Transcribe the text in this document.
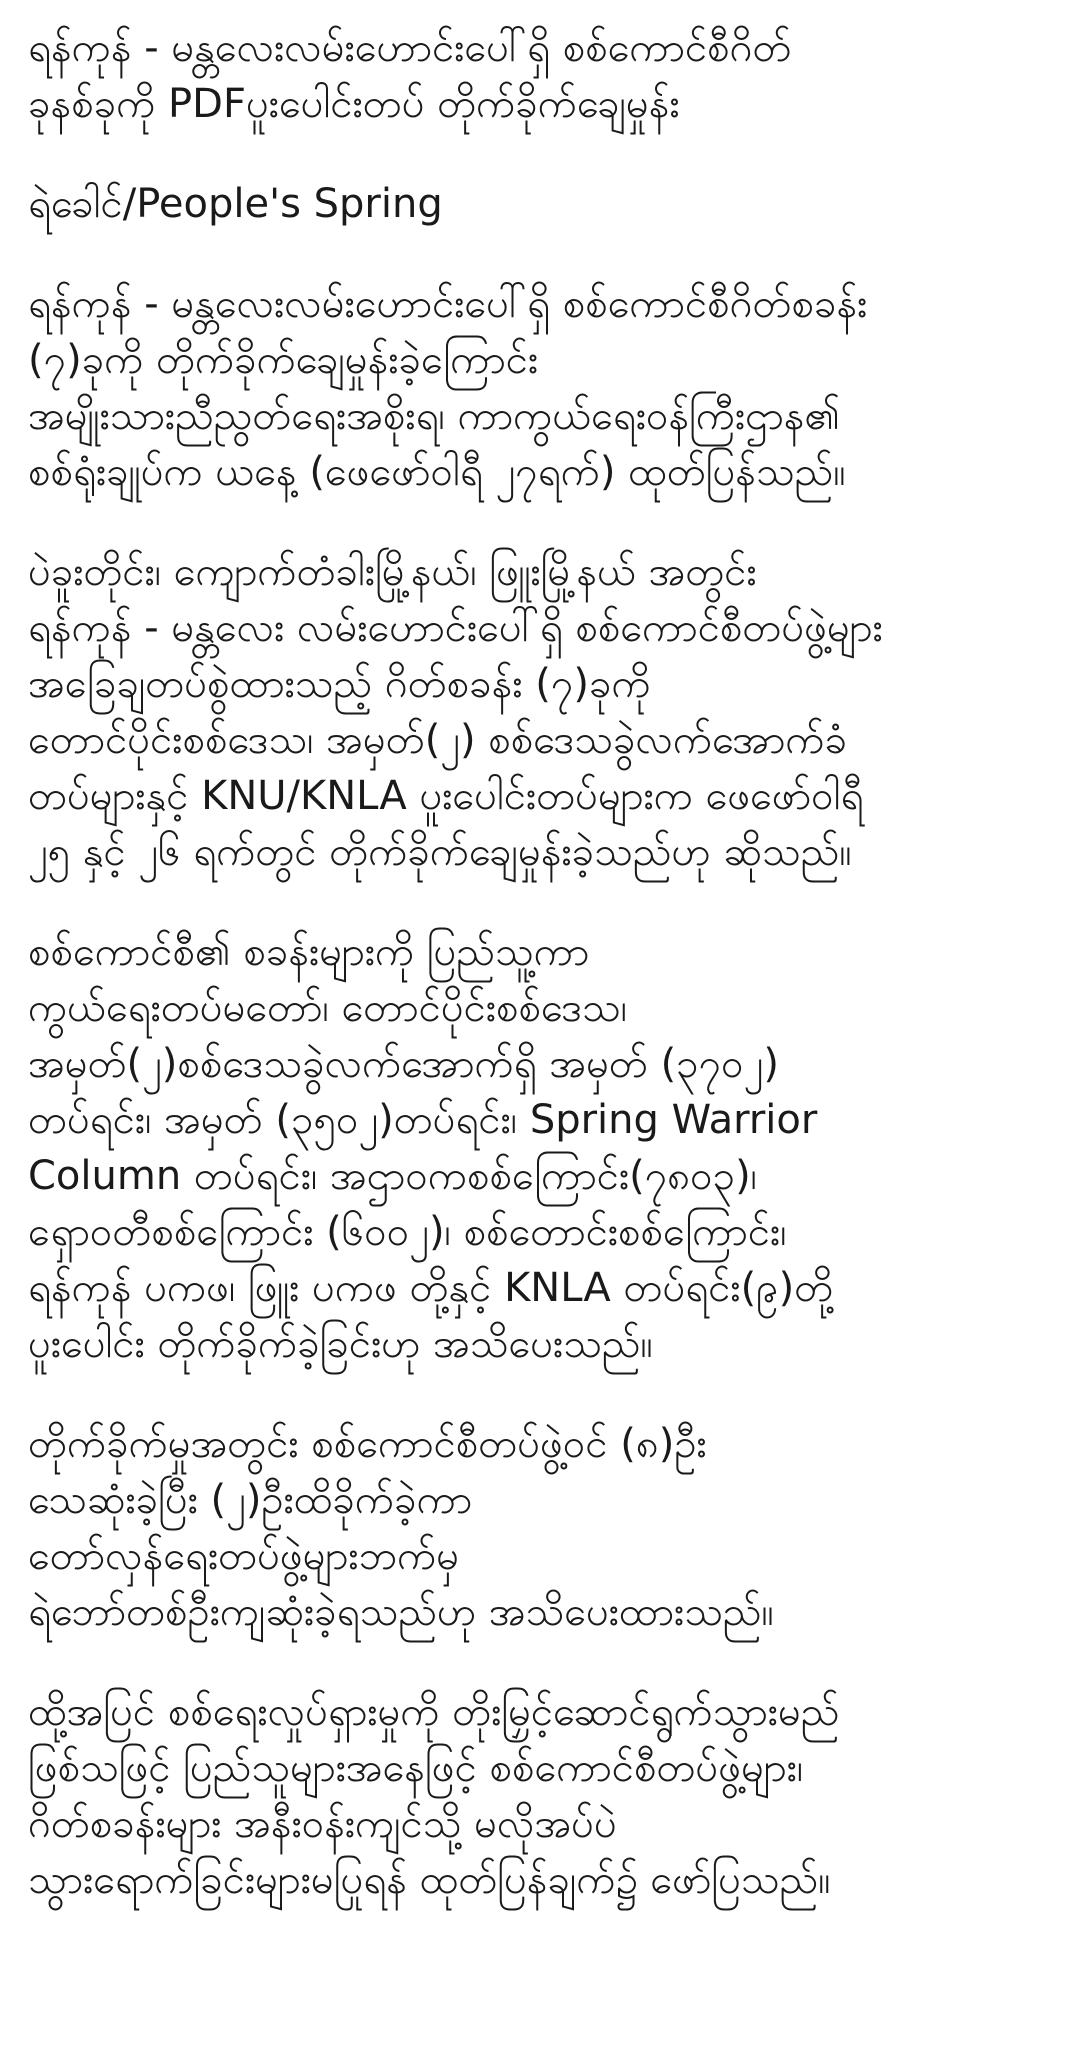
ရန်ကုန် - မန္တလေးလမ်းဟောင်းပေါ်ရှိ စစ်ကောင်စီဂိတ်
ခုနစ်ခုကို PDFပူးပေါင်းတပ် တိုက်ခိုက်ချေမှုန်း

ရဲခေါင်/People's Spring

ရန်ကုန် - မန္တလေးလမ်းဟောင်းပေါ်ရှိ စစ်ကောင်စီဂိတ်စခန်း
(၇)ခုကို တိုက်ခိုက်ချေမှုန်းခဲ့ကြောင်း
အမျိုးသားညီညွတ်ရေးအစိုးရ၊ ကာကွယ်ရေးဝန်ကြီးဌာန၏
စစ်ရုံးချုပ်က ယနေ့ (ဖေဖော်ဝါရီ ၂၇ရက်) ထုတ်ပြန်သည်။

ပဲခူးတိုင်း၊ ကျောက်တံခါးမြို့နယ်၊ ဖြူးမြို့နယ် အတွင်း
ရန်ကုန် - မန္တလေး လမ်းဟောင်းပေါ်ရှိ စစ်ကောင်စီတပ်ဖွဲ့များ
အခြေချတပ်စွဲထားသည့် ဂိတ်စခန်း (၇)ခုကို
တောင်ပိုင်းစစ်ဒေသ၊ အမှတ်(၂) စစ်ဒေသခွဲလက်အောက်ခံ
တပ်များနှင့် KNU/KNLA ပူးပေါင်းတပ်များက ဖေဖော်ဝါရီ
၂၅ နှင့် ၂၆ ရက်တွင် တိုက်ခိုက်ချေမှုန်းခဲ့သည်ဟု ဆိုသည်။

စစ်ကောင်စီ၏ စခန်းများကို ပြည်သူ့ကာ
ကွယ်ရေးတပ်မတော်၊ တောင်ပိုင်းစစ်ဒေသ၊
အမှတ်(၂)စစ်ဒေသခွဲလက်အောက်ရှိ အမှတ် (၃၇၀၂)
တပ်ရင်း၊ အမှတ် (၃၅၀၂)တပ်ရင်း၊ Spring Warrior
Column တပ်ရင်း၊ အဌာဝကစစ်ကြောင်း(၇၈၀၃)၊
ရှောဝတီစစ်ကြောင်း (၆၀၀၂)၊ စစ်တောင်းစစ်ကြောင်း၊
ရန်ကုန် ပကဖ၊ ဖြူး ပကဖ တို့နှင့် KNLA တပ်ရင်း(၉)တို့
ပူးပေါင်း တိုက်ခိုက်ခဲ့ခြင်းဟု အသိပေးသည်။

တိုက်ခိုက်မှုအတွင်း စစ်ကောင်စီတပ်ဖွဲ့ဝင် (၈)ဦး
သေဆုံးခဲ့ပြီး (၂)ဦးထိခိုက်ခဲ့ကာ
တော်လှန်ရေးတပ်ဖွဲ့များဘက်မှ
ရဲဘော်တစ်ဦးကျဆုံးခဲ့ရသည်ဟု အသိပေးထားသည်။

ထို့အပြင် စစ်ရေးလှုပ်ရှားမှုကို တိုးမြှင့်ဆောင်ရွက်သွားမည်
ဖြစ်သဖြင့် ပြည်သူများအနေဖြင့် စစ်ကောင်စီတပ်ဖွဲ့များ၊
ဂိတ်စခန်းများ အနီးဝန်းကျင်သို့ မလိုအပ်ပဲ
သွားရောက်ခြင်းများမပြုရန် ထုတ်ပြန်ချက်၌ ဖော်ပြသည်။
